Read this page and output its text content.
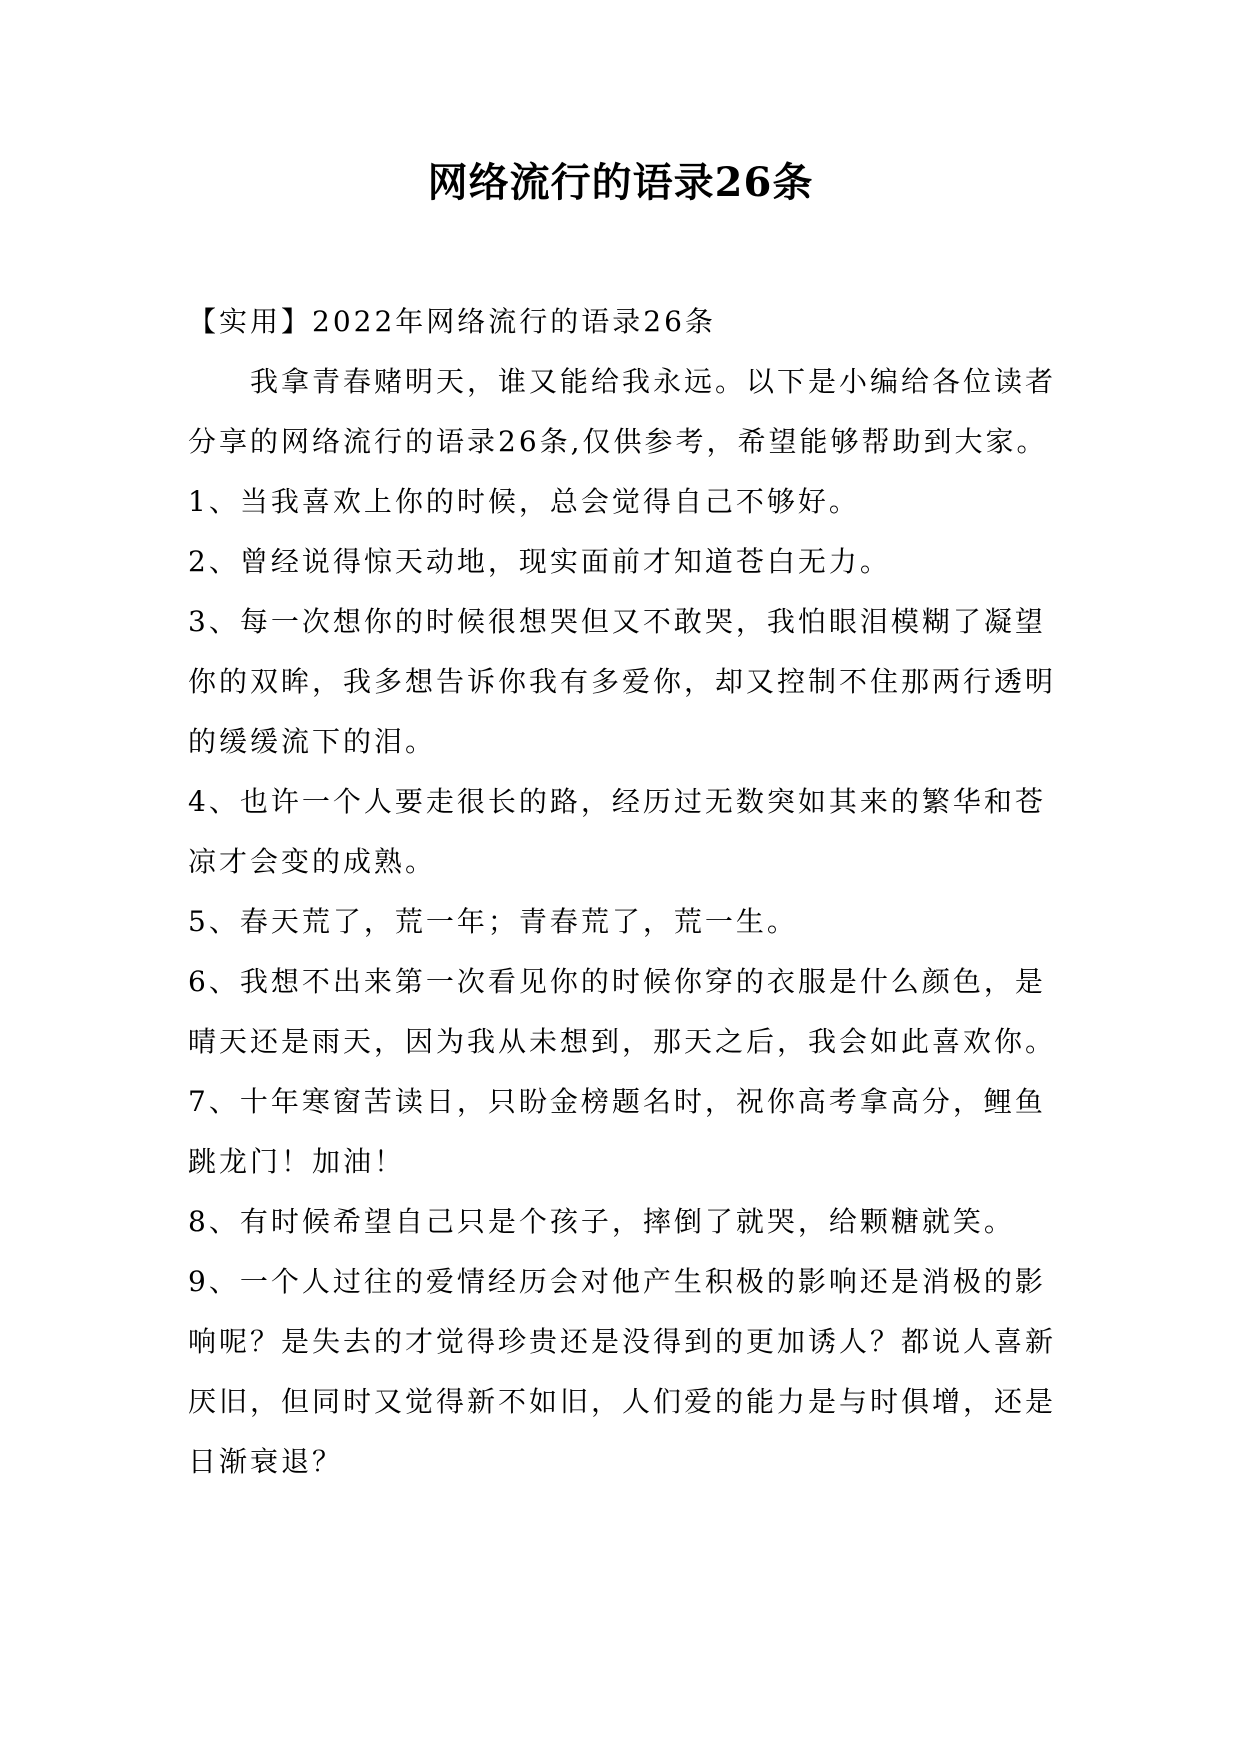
网络流行的语录26条

【实用】2022年网络流行的语录26条

我拿青春赌明天，谁又能给我永远。以下是小编给各位读者分享的网络流行的语录26条,仅供参考，希望能够帮助到大家。

1、当我喜欢上你的时候，总会觉得自己不够好。

2、曾经说得惊天动地，现实面前才知道苍白无力。

3、每一次想你的时候很想哭但又不敢哭，我怕眼泪模糊了凝望你的双眸，我多想告诉你我有多爱你，却又控制不住那两行透明的缓缓流下的泪。

4、也许一个人要走很长的路，经历过无数突如其来的繁华和苍凉才会变的成熟。

5、春天荒了，荒一年；青春荒了，荒一生。

6、我想不出来第一次看见你的时候你穿的衣服是什么颜色，是晴天还是雨天，因为我从未想到，那天之后，我会如此喜欢你。

7、十年寒窗苦读日，只盼金榜题名时，祝你高考拿高分，鲤鱼跳龙门！加油！

8、有时候希望自己只是个孩子，摔倒了就哭，给颗糖就笑。

9、一个人过往的爱情经历会对他产生积极的影响还是消极的影响呢？是失去的才觉得珍贵还是没得到的更加诱人？都说人喜新厌旧，但同时又觉得新不如旧，人们爱的能力是与时俱增，还是日渐衰退？
